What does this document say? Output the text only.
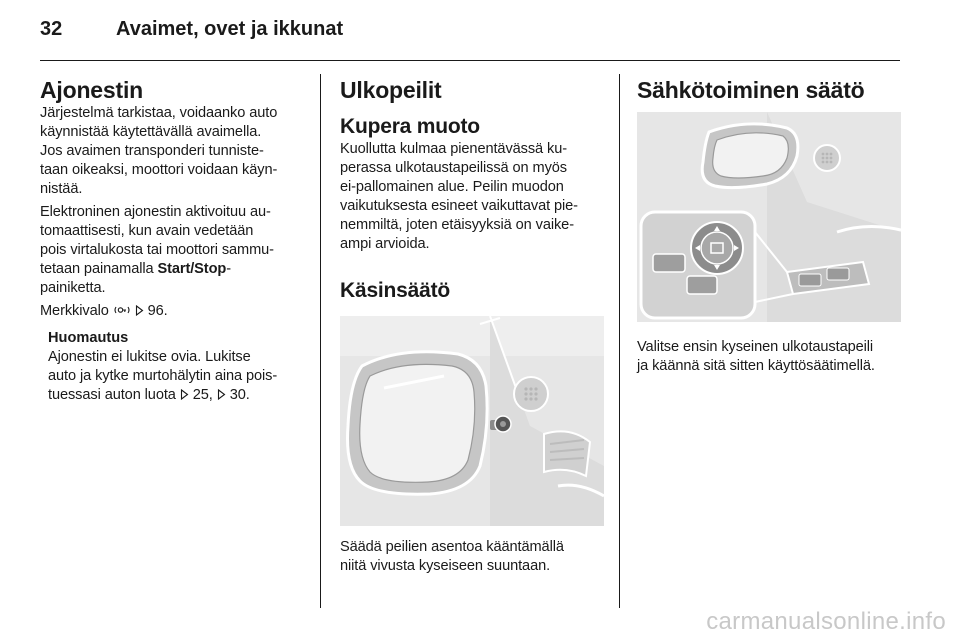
32	Avaimet, ovet ja ikkunat
Ajonestin

Järjestelmä tarkistaa, voidaanko auto
käynnistää käytettävällä avaimella.
Jos avaimen transponderi tunniste-
taan oikeaksi, moottori voidaan käyn-
nistää.

Elektroninen ajonestin aktivoituu au-
tomaattisesti, kun avain vedetään
pois virtalukosta tai moottori sammu-
tetaan painamalla Start/Stop-
painiketta.

Merkkivalo   96.

Huomautus

Ajonestin ei lukitse ovia. Lukitse
auto ja kytke murtohälytin aina pois-
tuessasi auton luota  25, 30.

Ulkopeilit
Kupera muoto

Kuollutta kulmaa pienentävässä ku-
perassa ulkotaustapeilissä on myös
ei-pallomainen alue. Peilin muodon
vaikutuksesta esineet vaikuttavat pie-
nemmiltä, joten etäisyyksiä on vaike-
ampi arvioida.

Käsinsäätö

Säädä peilien asentoa kääntämällä
niitä vivusta kyseiseen suuntaan.

Sähkötoiminen säätö

Valitse ensin kyseinen ulkotaustapeili
ja käännä sitä sitten käyttösäätimellä.

carmanualsonline.info
